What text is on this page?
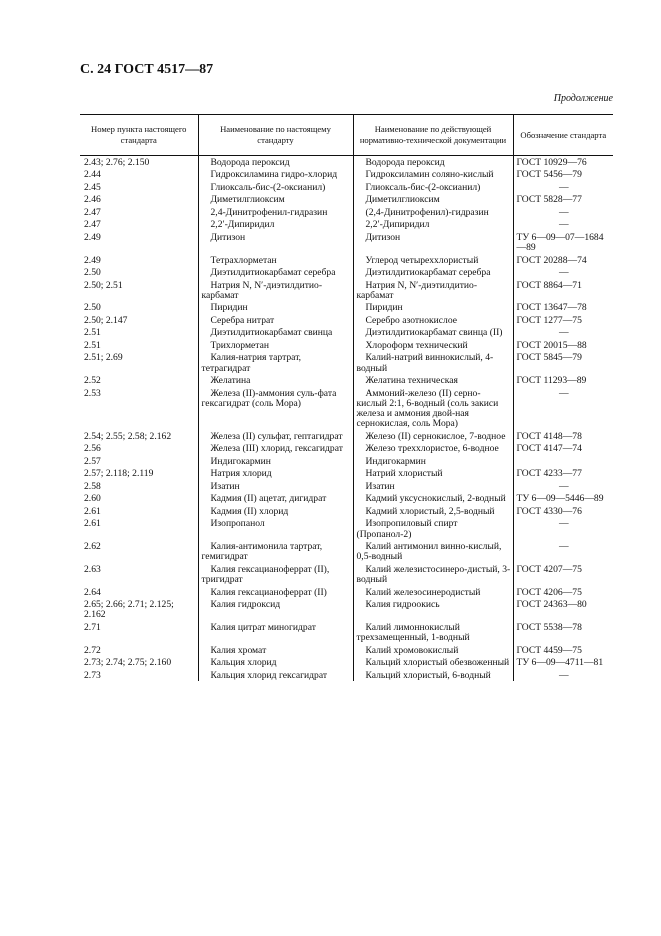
С. 24 ГОСТ 4517—87
Продолжение
Номер пункта настоящего стандарта	Наименование по настоящему стандарту	Наименование по действующей нормативно-технической документации	Обозначение стандарта
2.43; 2.76; 2.150	Водорода пероксид	Водорода пероксид	ГОСТ 10929—76
2.44	Гидроксиламина гидро-хлорид	Гидроксиламин соляно-кислый	ГОСТ 5456—79
2.45	Глиоксаль-бис-(2-оксианил)	Глиоксаль-бис-(2-оксианил)	—
2.46	Диметилглиоксим	Диметилглиоксим	ГОСТ 5828—77
2.47	2,4-Динитрофенил-гидразин	(2,4-Динитрофенил)-гидразин	—
2.47	2,2′-Дипиридил	2,2′-Дипиридил	—
2.49	Дитизон	Дитизон	ТУ 6—09—07—1684—89
2.49	Тетрахлорметан	Углерод четыреххлористый	ГОСТ 20288—74
2.50	Диэтилдитиокарбамат серебра	Диэтилдитиокарбамат серебра	—
2.50; 2.51	Натрия N, N′-диэтилдитио-карбамат	Натрия N, N′-диэтилдитио-карбамат	ГОСТ 8864—71
2.50	Пиридин	Пиридин	ГОСТ 13647—78
2.50; 2.147	Серебра нитрат	Серебро азотнокислое	ГОСТ 1277—75
2.51	Диэтилдитиокарбамат свинца	Диэтилдитиокарбамат свинца (II)	—
2.51	Трихлорметан	Хлороформ технический	ГОСТ 20015—88
2.51; 2.69	Калия-натрия тартрат, тетрагидрат	Калий-натрий виннокислый, 4-водный	ГОСТ 5845—79
2.52	Желатина	Желатина техническая	ГОСТ 11293—89
2.53	Железа (II)-аммония суль-фата гексагидрат (соль Мора)	Аммоний-железо (II) серно-кислый 2:1, 6-водный (соль закиси железа и аммония двой-ная сернокислая, соль Мора)	—
2.54; 2.55; 2.58; 2.162	Железа (II) сульфат, гептагидрат	Железо (II) сернокислое, 7-водное	ГОСТ 4148—78
2.56	Железа (III) хлорид, гексагидрат	Железо треххлористое, 6-водное	ГОСТ 4147—74
2.57	Индигокармин	Индигокармин	
2.57; 2.118; 2.119	Натрия хлорид	Натрий хлористый	ГОСТ 4233—77
2.58	Изатин	Изатин	—
2.60	Кадмия (II) ацетат, дигидрат	Кадмий уксуснокислый, 2-водный	ТУ 6—09—5446—89
2.61	Кадмия (II) хлорид	Кадмий хлористый, 2,5-водный	ГОСТ 4330—76
2.61	Изопропанол	Изопропиловый спирт (Пропанол-2)	—
2.62	Калия-антимонила тартрат, гемигидрат	Калий антимонил винно-кислый, 0,5-водный	—
2.63	Калия гексацианоферрат (II), тригидрат	Калий железистосинеро-дистый, 3-водный	ГОСТ 4207—75
2.64	Калия гексацианоферрат (II)	Калий железосинеродистый	ГОСТ 4206—75
2.65; 2.66; 2.71; 2.125; 2.162	Калия гидроксид	Калия гидроокись	ГОСТ 24363—80
2.71	Калия цитрат миногидрат	Калий лимоннокислый трехзамещенный, 1-водный	ГОСТ 5538—78
2.72	Калия хромат	Калий хромовокислый	ГОСТ 4459—75
2.73; 2.74; 2.75; 2.160	Кальция хлорид	Кальций хлористый обезвоженный	ТУ 6—09—4711—81
2.73	Кальция хлорид гексагидрат	Кальций хлористый, 6-водный	—
